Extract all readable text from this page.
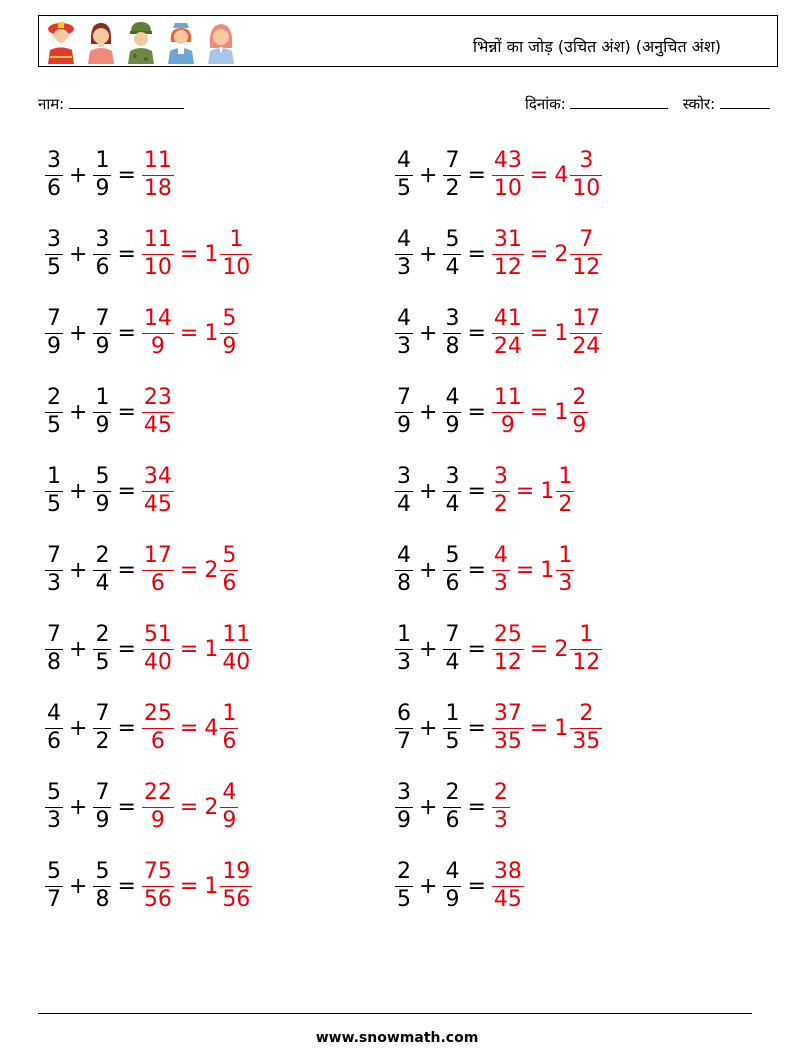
भिन्नों का जोड़ (उचित अंश) (अनुचित अंश)
नाम:	दिनांक:	स्कोर:
$\frac{3}{6} + \frac{1}{9} = \frac{11}{18}$	$\frac{4}{5} + \frac{7}{2} = \frac{43}{10} = 4 \frac{3}{10}$
$\frac{3}{5} + \frac{3}{6} = \frac{11}{10} = 1 \frac{1}{10}$	$\frac{4}{3} + \frac{5}{4} = \frac{31}{12} = 2 \frac{7}{12}$
$\frac{7}{9} + \frac{7}{9} = \frac{14}{9} = 1 \frac{5}{9}$	$\frac{4}{3} + \frac{3}{8} = \frac{41}{24} = 1 \frac{17}{24}$
$\frac{2}{5} + \frac{1}{9} = \frac{23}{45}$	$\frac{7}{9} + \frac{4}{9} = \frac{11}{9} = 1 \frac{2}{9}$
$\frac{1}{5} + \frac{5}{9} = \frac{34}{45}$	$\frac{3}{4} + \frac{3}{4} = \frac{3}{2} = 1 \frac{1}{2}$
$\frac{7}{3} + \frac{2}{4} = \frac{17}{6} = 2 \frac{5}{6}$	$\frac{4}{8} + \frac{5}{6} = \frac{4}{3} = 1 \frac{1}{3}$
$\frac{7}{8} + \frac{2}{5} = \frac{51}{40} = 1 \frac{11}{40}$	$\frac{1}{3} + \frac{7}{4} = \frac{25}{12} = 2 \frac{1}{12}$
$\frac{4}{6} + \frac{7}{2} = \frac{25}{6} = 4 \frac{1}{6}$	$\frac{6}{7} + \frac{1}{5} = \frac{37}{35} = 1 \frac{2}{35}$
$\frac{5}{3} + \frac{7}{9} = \frac{22}{9} = 2 \frac{4}{9}$	$\frac{3}{9} + \frac{2}{6} = \frac{2}{3}$
$\frac{5}{7} + \frac{5}{8} = \frac{75}{56} = 1 \frac{19}{56}$	$\frac{2}{5} + \frac{4}{9} = \frac{38}{45}$
www.snowmath.com
